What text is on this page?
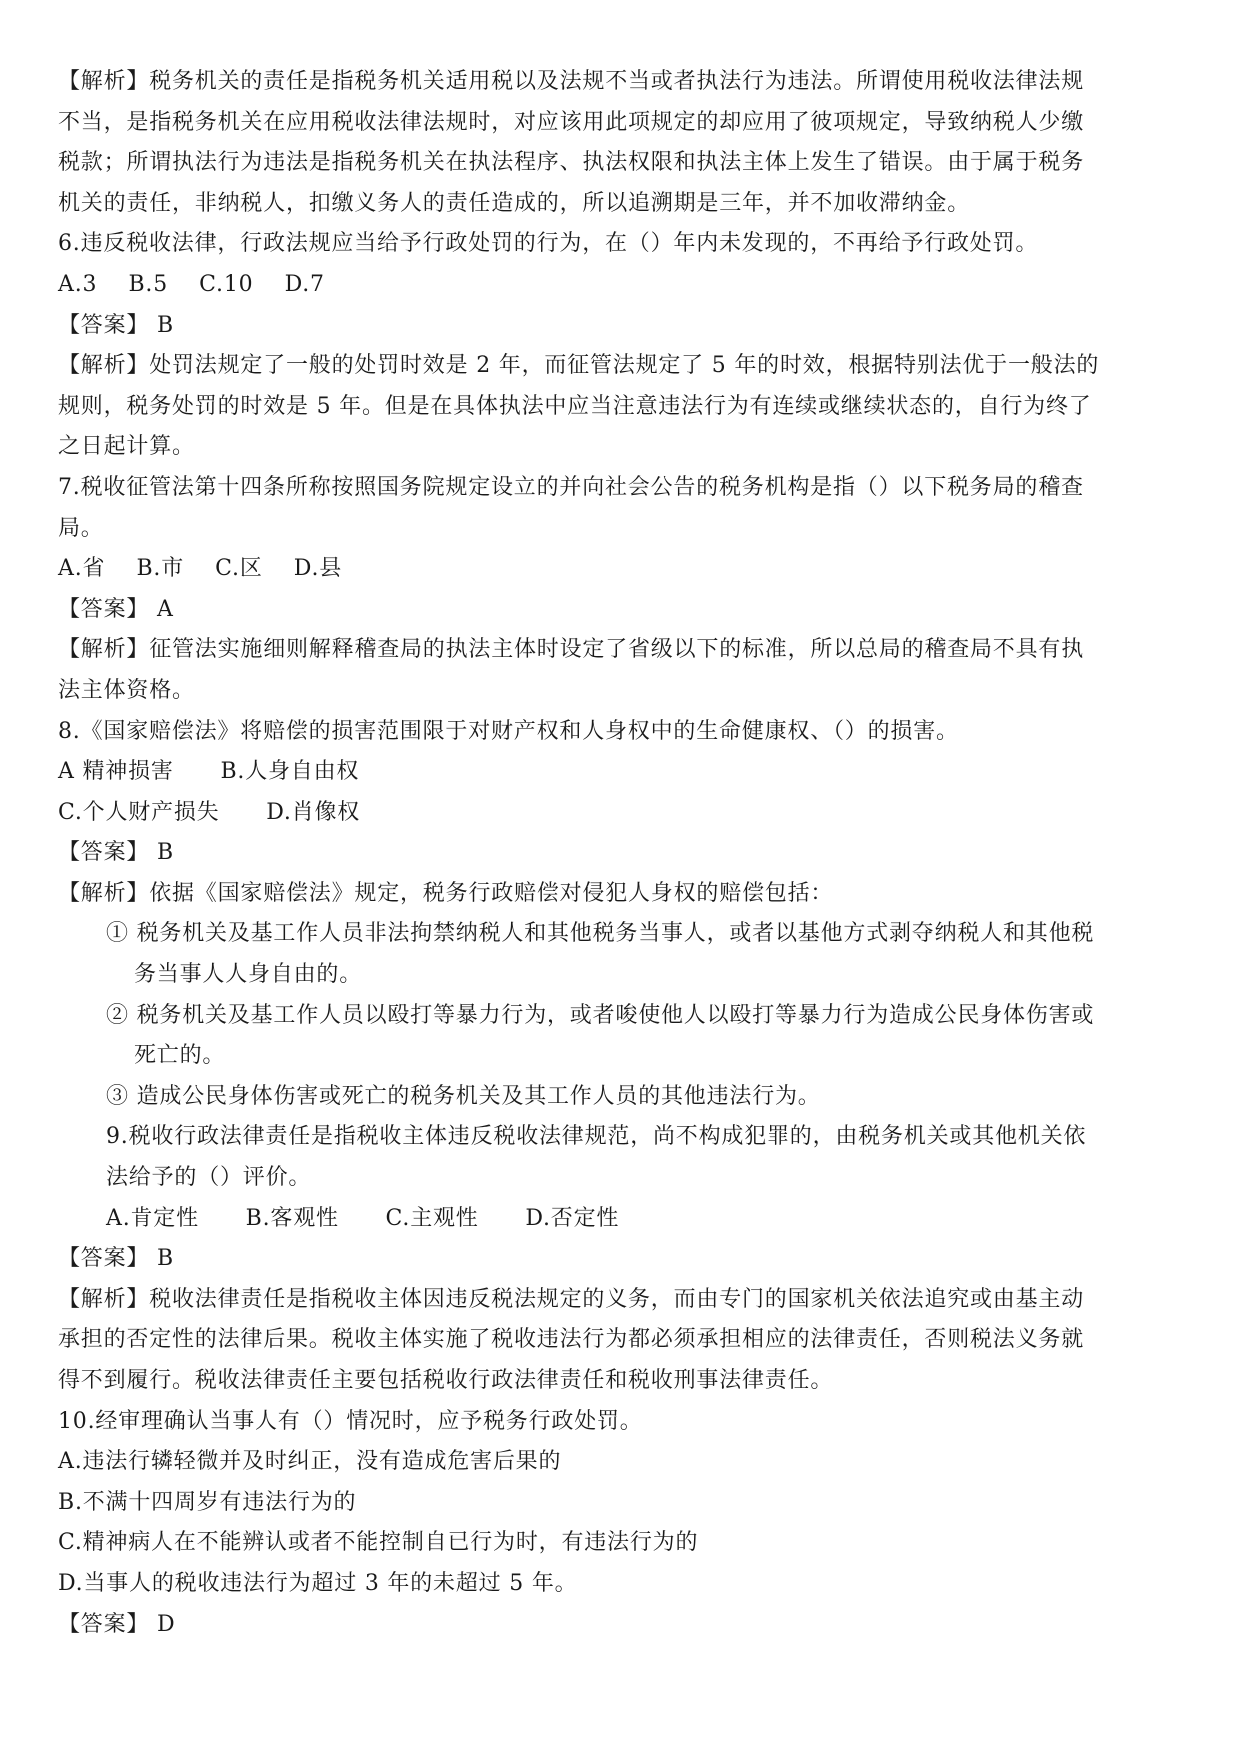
【解析】税务机关的责任是指税务机关适用税以及法规不当或者执法行为违法。所谓使用税收法律法规
不当，是指税务机关在应用税收法律法规时，对应该用此项规定的却应用了彼项规定，导致纳税人少缴
税款；所谓执法行为违法是指税务机关在执法程序、执法权限和执法主体上发生了错误。由于属于税务
机关的责任，非纳税人，扣缴义务人的责任造成的，所以追溯期是三年，并不加收滞纳金。
6.违反税收法律，行政法规应当给予行政处罚的行为，在（）年内未发现的，不再给予行政处罚。
A.3    B.5    C.10    D.7
【答案】 B
【解析】处罚法规定了一般的处罚时效是 2 年，而征管法规定了 5 年的时效，根据特别法优于一般法的
规则，税务处罚的时效是 5 年。但是在具体执法中应当注意违法行为有连续或继续状态的，自行为终了
之日起计算。
7.税收征管法第十四条所称按照国务院规定设立的并向社会公告的税务机构是指（）以下税务局的稽查
局。
A.省    B.市    C.区    D.县
【答案】 A
【解析】征管法实施细则解释稽查局的执法主体时设定了省级以下的标准，所以总局的稽查局不具有执
法主体资格。
8.《国家赔偿法》将赔偿的损害范围限于对财产权和人身权中的生命健康权、（）的损害。
A 精神损害      B.人身自由权
C.个人财产损失      D.肖像权
【答案】 B
【解析】依据《国家赔偿法》规定，税务行政赔偿对侵犯人身权的赔偿包括：
① 税务机关及基工作人员非法拘禁纳税人和其他税务当事人，或者以基他方式剥夺纳税人和其他税
务当事人人身自由的。
② 税务机关及基工作人员以殴打等暴力行为，或者唆使他人以殴打等暴力行为造成公民身体伤害或
死亡的。
③ 造成公民身体伤害或死亡的税务机关及其工作人员的其他违法行为。
9.税收行政法律责任是指税收主体违反税收法律规范，尚不构成犯罪的，由税务机关或其他机关依
法给予的（）评价。
A.肯定性      B.客观性      C.主观性      D.否定性
【答案】 B
【解析】税收法律责任是指税收主体因违反税法规定的义务，而由专门的国家机关依法追究或由基主动
承担的否定性的法律后果。税收主体实施了税收违法行为都必须承担相应的法律责任，否则税法义务就
得不到履行。税收法律责任主要包括税收行政法律责任和税收刑事法律责任。
10.经审理确认当事人有（）情况时，应予税务行政处罚。
A.违法行辚轻微并及时纠正，没有造成危害后果的
B.不满十四周岁有违法行为的
C.精神病人在不能辨认或者不能控制自已行为时，有违法行为的
D.当事人的税收违法行为超过 3 年的未超过 5 年。
【答案】 D
